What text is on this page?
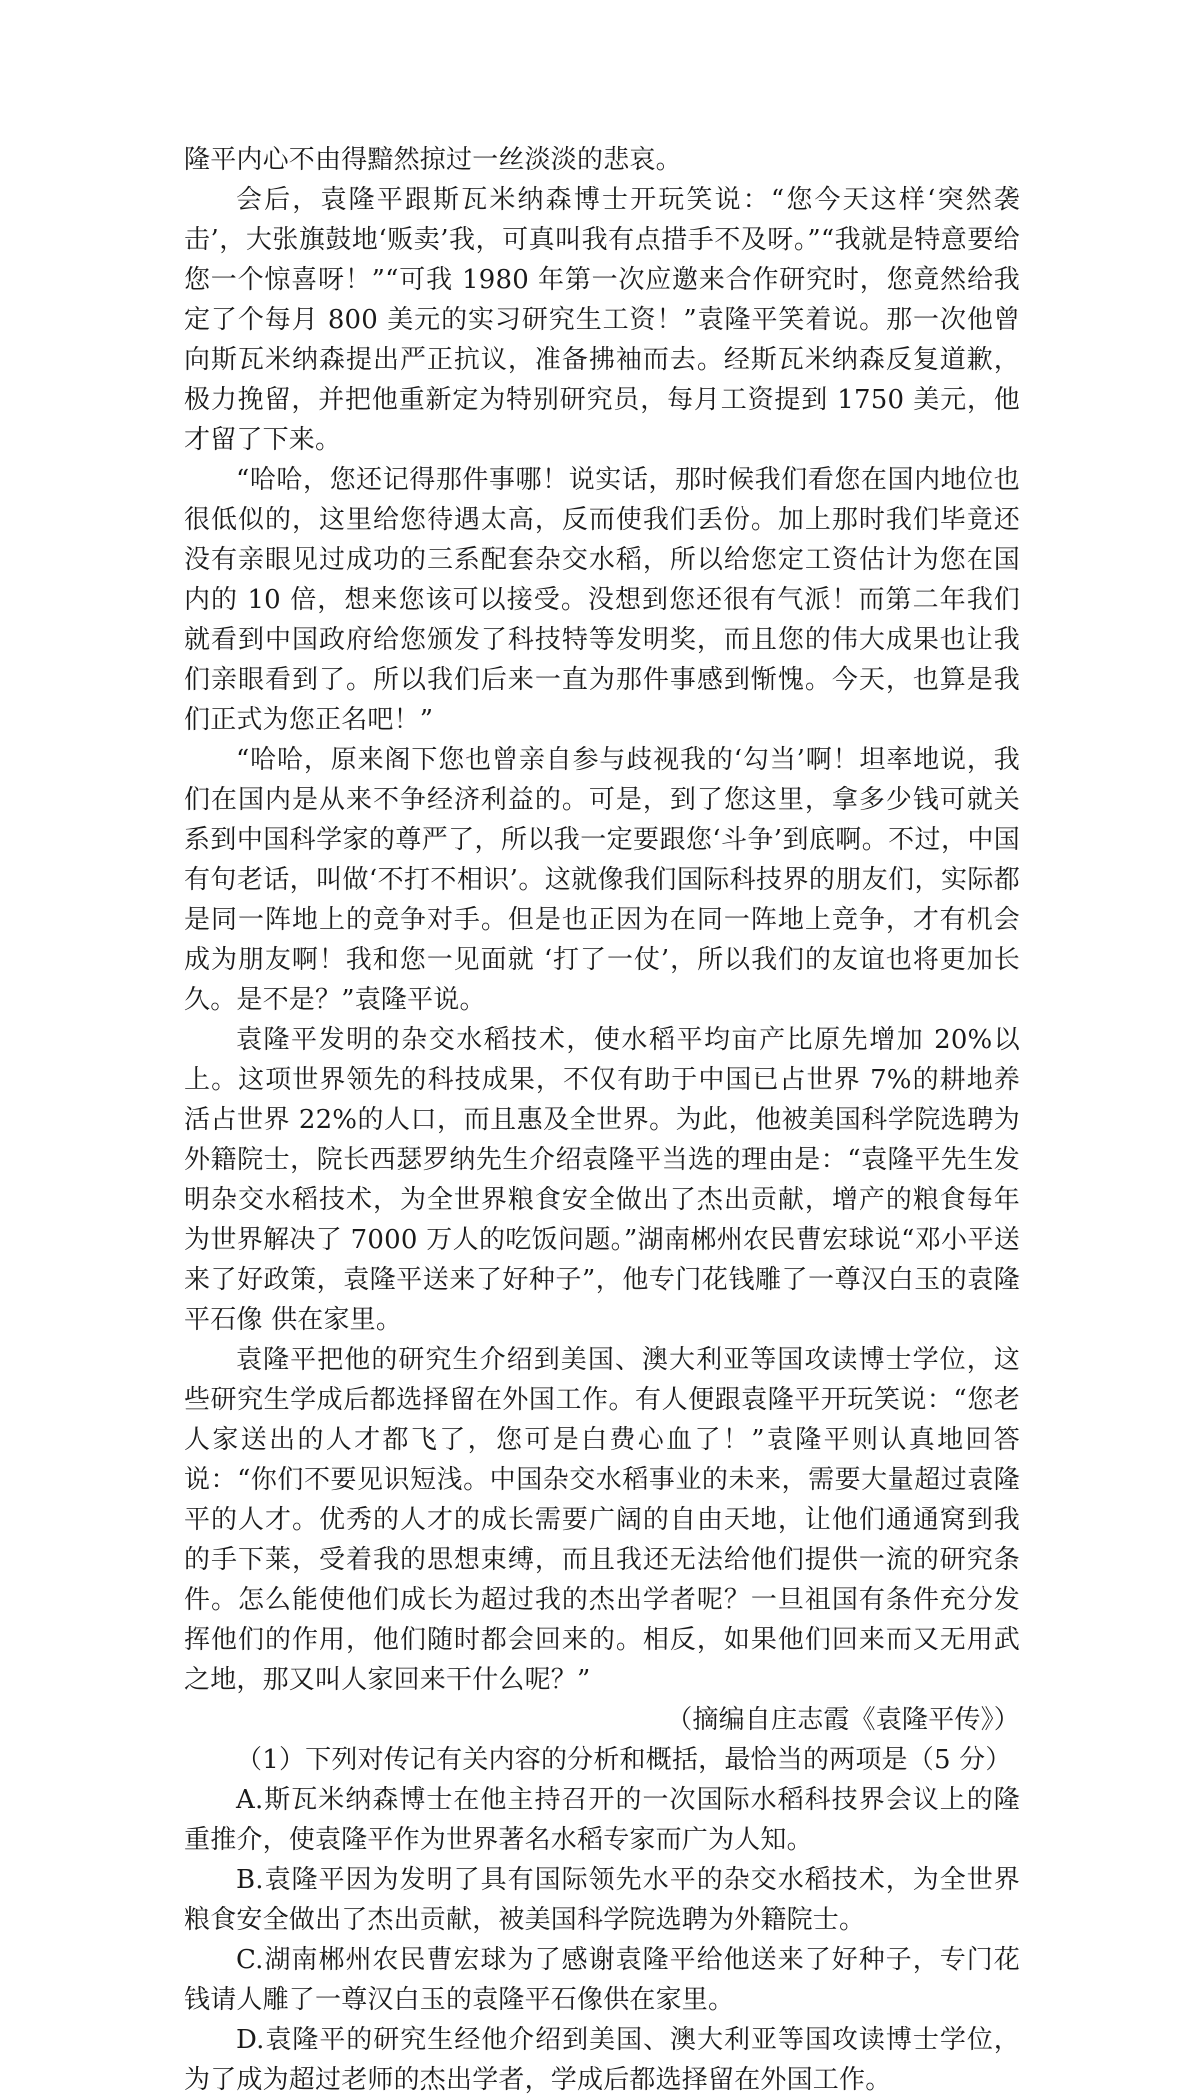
隆平内心不由得黯然掠过一丝淡淡的悲哀。

会后，袁隆平跟斯瓦米纳森博士开玩笑说：“您今天这样‘突然袭击’，大张旗鼓地‘贩卖’我，可真叫我有点措手不及呀。”“我就是特意要给您一个惊喜呀！”“可我 1980 年第一次应邀来合作研究时，您竟然给我定了个每月 800 美元的实习研究生工资！”袁隆平笑着说。那一次他曾向斯瓦米纳森提出严正抗议，准备拂袖而去。经斯瓦米纳森反复道歉，极力挽留，并把他重新定为特别研究员，每月工资提到 1750 美元，他才留了下来。

“哈哈，您还记得那件事哪！说实话，那时候我们看您在国内地位也很低似的，这里给您待遇太高，反而使我们丢份。加上那时我们毕竟还没有亲眼见过成功的三系配套杂交水稻，所以给您定工资估计为您在国内的 10 倍，想来您该可以接受。没想到您还很有气派！而第二年我们就看到中国政府给您颁发了科技特等发明奖，而且您的伟大成果也让我们亲眼看到了。所以我们后来一直为那件事感到惭愧。今天，也算是我们正式为您正名吧！”

“哈哈，原来阁下您也曾亲自参与歧视我的‘勾当’啊！坦率地说，我们在国内是从来不争经济利益的。可是，到了您这里，拿多少钱可就关系到中国科学家的尊严了，所以我一定要跟您‘斗争’到底啊。不过，中国有句老话，叫做‘不打不相识’。这就像我们国际科技界的朋友们，实际都是同一阵地上的竞争对手。但是也正因为在同一阵地上竞争，才有机会成为朋友啊！我和您一见面就 ‘打了一仗’，所以我们的友谊也将更加长久。是不是？”袁隆平说。

袁隆平发明的杂交水稻技术，使水稻平均亩产比原先增加 20%以上。这项世界领先的科技成果，不仅有助于中国已占世界 7%的耕地养活占世界 22%的人口，而且惠及全世界。为此，他被美国科学院选聘为外籍院士，院长西瑟罗纳先生介绍袁隆平当选的理由是：“袁隆平先生发明杂交水稻技术，为全世界粮食安全做出了杰出贡献，增产的粮食每年为世界解决了 7000 万人的吃饭问题。”湖南郴州农民曹宏球说“邓小平送来了好政策，袁隆平送来了好种子”，他专门花钱雕了一尊汉白玉的袁隆平石像 供在家里。

袁隆平把他的研究生介绍到美国、澳大利亚等国攻读博士学位，这些研究生学成后都选择留在外国工作。有人便跟袁隆平开玩笑说：“您老人家送出的人才都飞了，您可是白费心血了！”袁隆平则认真地回答说：“你们不要见识短浅。中国杂交水稻事业的未来，需要大量超过袁隆平的人才。优秀的人才的成长需要广阔的自由天地，让他们通通窝到我的手下莱，受着我的思想束缚，而且我还无法给他们提供一流的研究条件。怎么能使他们成长为超过我的杰出学者呢？一旦祖国有条件充分发挥他们的作用，他们随时都会回来的。相反，如果他们回来而又无用武之地，那又叫人家回来干什么呢？”

（摘编自庄志霞《袁隆平传》）

（1）下列对传记有关内容的分析和概括，最恰当的两项是（5 分）

A.斯瓦米纳森博士在他主持召开的一次国际水稻科技界会议上的隆重推介，使袁隆平作为世界著名水稻专家而广为人知。

B.袁隆平因为发明了具有国际领先水平的杂交水稻技术，为全世界粮食安全做出了杰出贡献，被美国科学院选聘为外籍院士。

C.湖南郴州农民曹宏球为了感谢袁隆平给他送来了好种子，专门花钱请人雕了一尊汉白玉的袁隆平石像供在家里。

D.袁隆平的研究生经他介绍到美国、澳大利亚等国攻读博士学位，为了成为超过老师的杰出学者，学成后都选择留在外国工作。
